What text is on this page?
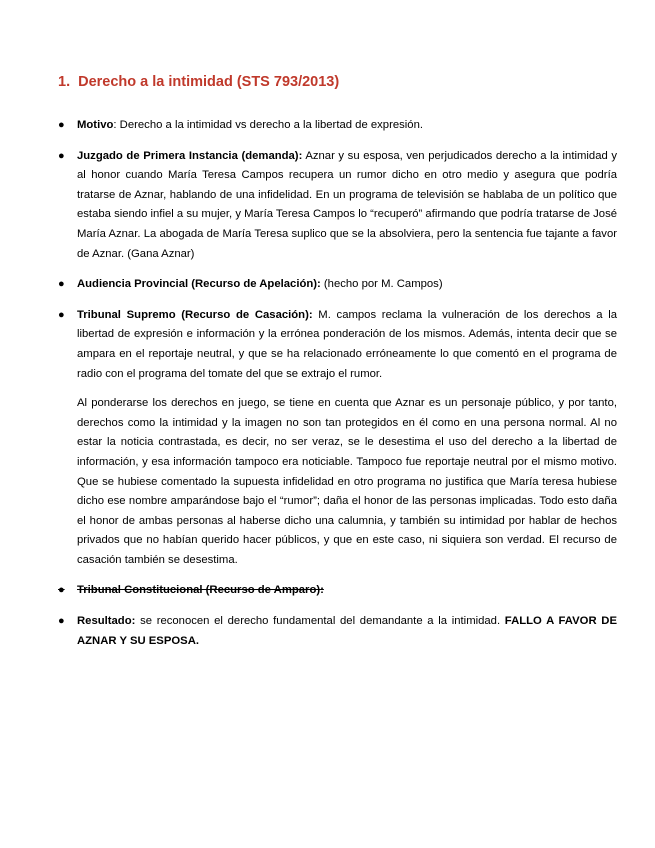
1. Derecho a la intimidad (STS 793/2013)
● Motivo: Derecho a la intimidad vs derecho a la libertad de expresión.
● Juzgado de Primera Instancia (demanda): Aznar y su esposa, ven perjudicados derecho a la intimidad y al honor cuando María Teresa Campos recupera un rumor dicho en otro medio y asegura que podría tratarse de Aznar, hablando de una infidelidad. En un programa de televisión se hablaba de un político que estaba siendo infiel a su mujer, y María Teresa Campos lo “recuperó” afirmando que podría tratarse de José María Aznar. La abogada de María Teresa suplico que se la absolviera, pero la sentencia fue tajante a favor de Aznar. (Gana Aznar)
● Audiencia Provincial (Recurso de Apelación): (hecho por M. Campos)
● Tribunal Supremo (Recurso de Casación): M. campos reclama la vulneración de los derechos a la libertad de expresión e información y la errónea ponderación de los mismos. Además, intenta decir que se ampara en el reportaje neutral, y que se ha relacionado erróneamente lo que comentó en el programa de radio con el programa del tomate del que se extrajo el rumor.
Al ponderarse los derechos en juego, se tiene en cuenta que Aznar es un personaje público, y por tanto, derechos como la intimidad y la imagen no son tan protegidos en él como en una persona normal. Al no estar la noticia contrastada, es decir, no ser veraz, se le desestima el uso del derecho a la libertad de información, y esa información tampoco era noticiable. Tampoco fue reportaje neutral por el mismo motivo. Que se hubiese comentado la supuesta infidelidad en otro programa no justifica que María teresa hubiese dicho ese nombre amparándose bajo el “rumor”; daña el honor de las personas implicadas. Todo esto daña el honor de ambas personas al haberse dicho una calumnia, y también su intimidad por hablar de hechos privados que no habían querido hacer públicos, y que en este caso, ni siquiera son verdad. El recurso de casación también se desestima.
● Tribunal Constitucional (Recurso de Amparo):
● Resultado: se reconocen el derecho fundamental del demandante a la intimidad. FALLO A FAVOR DE AZNAR Y SU ESPOSA.
